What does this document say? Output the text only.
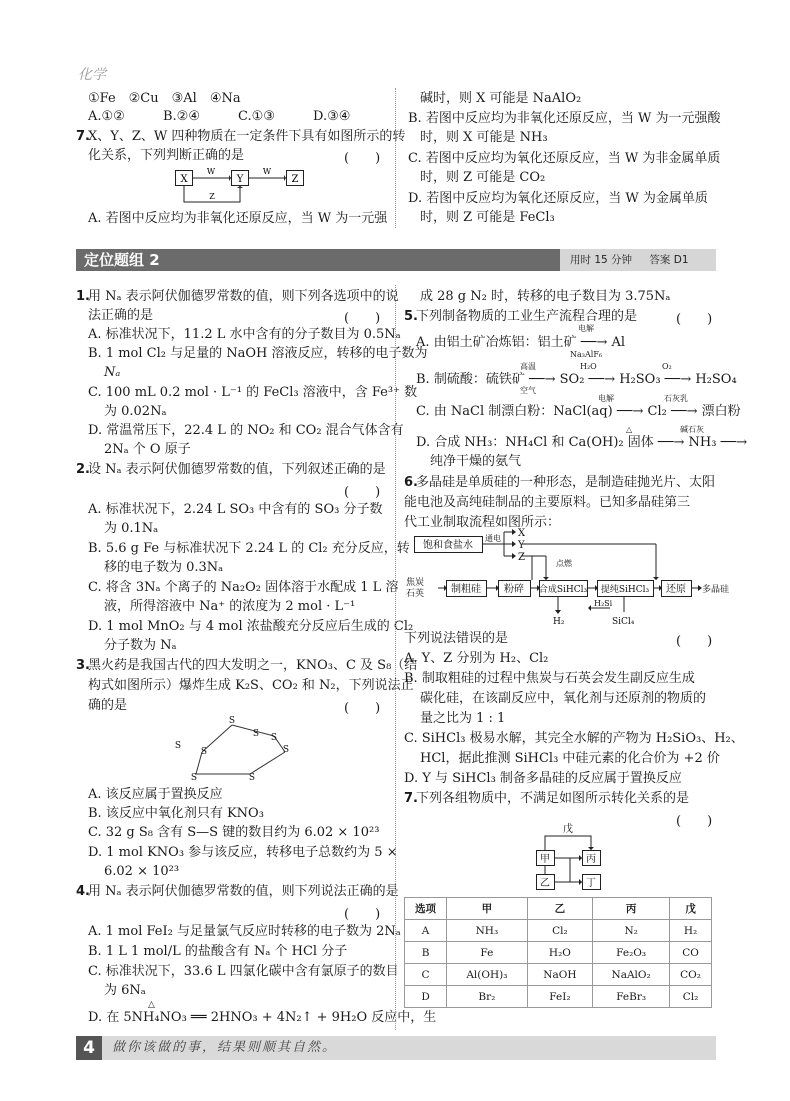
化学
①Fe　②Cu　③Al　④Na
A.①②	B.②④	C.①③	D.③④
7.
X、Y、Z、W 四种物质在一定条件下具有如图所示的转
化关系，下列判断正确的是	(　　)
X	Y	Z
W	W
Z
A. 若图中反应均为非氧化还原反应，当 W 为一元强
碱时，则 X 可能是 NaAlO₂
B. 若图中反应均为非氧化还原反应，当 W 为一元强酸
时，则 X 可能是 NH₃
C. 若图中反应均为氧化还原反应，当 W 为非金属单质
时，则 Z 可能是 CO₂
D. 若图中反应均为氧化还原反应，当 W 为金属单质
时，则 Z 可能是 FeCl₃
定位题组 2	用时 15 分钟 答案 D1
1.
用 Nₐ 表示阿伏伽德罗常数的值，则下列各选项中的说
法正确的是	(　　)
A. 标准状况下，11.2 L 水中含有的分子数目为 0.5Nₐ
B. 1 mol Cl₂ 与足量的 NaOH 溶液反应，转移的电子数为
Nₐ
C. 100 mL 0.2 mol · L⁻¹ 的 FeCl₃ 溶液中，含 Fe³⁺ 数
为 0.02Nₐ
D. 常温常压下，22.4 L 的 NO₂ 和 CO₂ 混合气体含有
2Nₐ 个 O 原子
2.
设 Nₐ 表示阿伏伽德罗常数的值，下列叙述正确的是
(　　)
A. 标准状况下，2.24 L SO₃ 中含有的 SO₃ 分子数
为 0.1Nₐ
B. 5.6 g Fe 与标准状况下 2.24 L 的 Cl₂ 充分反应，转
移的电子数为 0.3Nₐ
C. 将含 3Nₐ 个离子的 Na₂O₂ 固体溶于水配成 1 L 溶
液，所得溶液中 Na⁺ 的浓度为 2 mol · L⁻¹
D. 1 mol MnO₂ 与 4 mol 浓盐酸充分反应后生成的 Cl₂
分子数为 Nₐ
3.
黑火药是我国古代的四大发明之一，KNO₃、C 及 S₈（结
构式如图所示）爆炸生成 K₂S、CO₂ 和 N₂，下列说法正
确的是	(　　)
S
S
S
S	S
S
S	S
A. 该反应属于置换反应
B. 该反应中氧化剂只有 KNO₃
C. 32 g S₈ 含有 S—S 键的数目约为 6.02 × 10²³
D. 1 mol KNO₃ 参与该反应，转移电子总数约为 5 ×
6.02 × 10²³
4.
用 Nₐ 表示阿伏伽德罗常数的值，则下列说法正确的是
(　　)
A. 1 mol FeI₂ 与足量氯气反应时转移的电子数为 2Nₐ
B. 1 L 1 mol/L 的盐酸含有 Nₐ 个 HCl 分子
C. 标准状况下，33.6 L 四氯化碳中含有氯原子的数目
为 6Nₐ
△
D. 在 5NH₄NO₃ ══ 2HNO₃ + 4N₂↑ + 9H₂O 反应中，生
成 28 g N₂ 时，转移的电子数目为 3.75Nₐ
5.
下列制备物质的工业生产流程合理的是	(　　)
电解
A. 由铝土矿冶炼铝：铝土矿 ──→ Al
Na₃AlF₆
高温	H₂O	O₂
B. 制硫酸：硫铁矿 ──→ SO₂ ──→ H₂SO₃ ──→ H₂SO₄
空气
电解	石灰乳
C. 由 NaCl 制漂白粉：NaCl(aq) ──→ Cl₂ ──→ 漂白粉
△	碱石灰
D. 合成 NH₃：NH₄Cl 和 Ca(OH)₂ 固体 ──→ NH₃ ──→
纯净干燥的氨气
6.
多晶硅是单质硅的一种形态，是制造硅抛光片、太阳
能电池及高纯硅制品的主要原料。已知多晶硅第三
代工业制取流程如图所示：
饱和食盐水
通电 X
Y
Z
点燃
焦炭
石英	制粗硅 粉碎 合成SiHCl₃ 提纯SiHCl₃ 还原 多晶硅
H₂
H₂Si
SiCl₄
下列说法错误的是	(　　)
A. Y、Z 分别为 H₂、Cl₂
B. 制取粗硅的过程中焦炭与石英会发生副反应生成
碳化硅，在该副反应中，氧化剂与还原剂的物质的
量之比为 1 : 1
C. SiHCl₃ 极易水解，其完全水解的产物为 H₂SiO₃、H₂、
HCl，据此推测 SiHCl₃ 中硅元素的化合价为 +2 价
D. Y 与 SiHCl₃ 制备多晶硅的反应属于置换反应
7.
下列各组物质中，不满足如图所示转化关系的是
(　　)
戊
甲	丙
乙	丁
选项	甲	乙	丙	戊
A	NH₃	Cl₂	N₂	H₂
B	Fe	H₂O	Fe₂O₃	CO
C	Al(OH)₃	NaOH	NaAlO₂	CO₂
D	Br₂	FeI₂	FeBr₃	Cl₂
4	做你该做的事，结果则顺其自然。
